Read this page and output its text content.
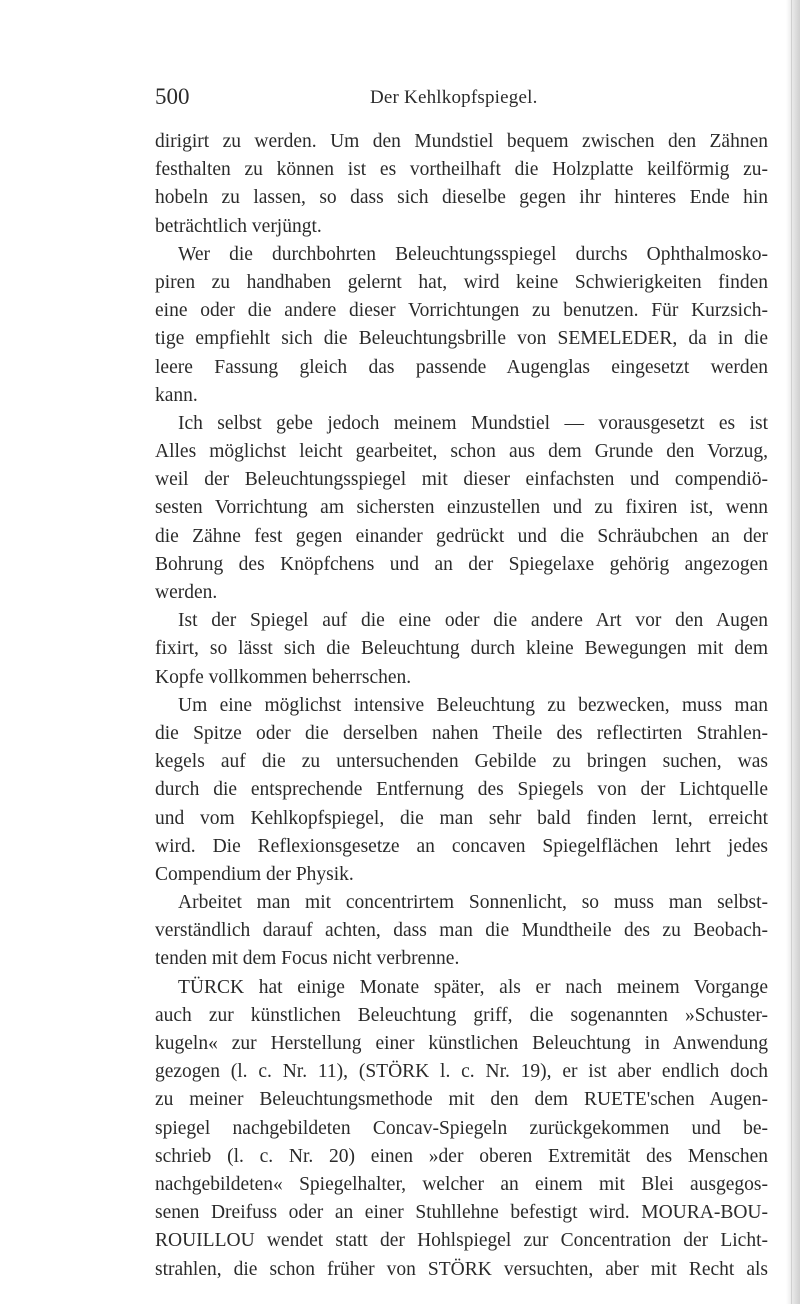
500	Der Kehlkopfspiegel.
dirigirt zu werden. Um den Mundstiel bequem zwischen den Zähnen
festhalten zu können ist es vortheilhaft die Holzplatte keilförmig zu-
hobeln zu lassen, so dass sich dieselbe gegen ihr hinteres Ende hin
beträchtlich verjüngt.
Wer die durchbohrten Beleuchtungsspiegel durchs Ophthalmosko-
piren zu handhaben gelernt hat, wird keine Schwierigkeiten finden
eine oder die andere dieser Vorrichtungen zu benutzen. Für Kurzsich-
tige empfiehlt sich die Beleuchtungsbrille von SEMELEDER, da in die
leere Fassung gleich das passende Augenglas eingesetzt werden
kann.
Ich selbst gebe jedoch meinem Mundstiel — vorausgesetzt es ist
Alles möglichst leicht gearbeitet, schon aus dem Grunde den Vorzug,
weil der Beleuchtungsspiegel mit dieser einfachsten und compendiö-
sesten Vorrichtung am sichersten einzustellen und zu fixiren ist, wenn
die Zähne fest gegen einander gedrückt und die Schräubchen an der
Bohrung des Knöpfchens und an der Spiegelaxe gehörig angezogen
werden.
Ist der Spiegel auf die eine oder die andere Art vor den Augen
fixirt, so lässt sich die Beleuchtung durch kleine Bewegungen mit dem
Kopfe vollkommen beherrschen.
Um eine möglichst intensive Beleuchtung zu bezwecken, muss man
die Spitze oder die derselben nahen Theile des reflectirten Strahlen-
kegels auf die zu untersuchenden Gebilde zu bringen suchen, was
durch die entsprechende Entfernung des Spiegels von der Lichtquelle
und vom Kehlkopfspiegel, die man sehr bald finden lernt, erreicht
wird. Die Reflexionsgesetze an concaven Spiegelflächen lehrt jedes
Compendium der Physik.
Arbeitet man mit concentrirtem Sonnenlicht, so muss man selbst-
verständlich darauf achten, dass man die Mundtheile des zu Beobach-
tenden mit dem Focus nicht verbrenne.
TÜRCK hat einige Monate später, als er nach meinem Vorgange
auch zur künstlichen Beleuchtung griff, die sogenannten »Schuster-
kugeln« zur Herstellung einer künstlichen Beleuchtung in Anwendung
gezogen (l. c. Nr. 11), (STÖRK l. c. Nr. 19), er ist aber endlich doch
zu meiner Beleuchtungsmethode mit den dem RUETE'schen Augen-
spiegel nachgebildeten Concav-Spiegeln zurückgekommen und be-
schrieb (l. c. Nr. 20) einen »der oberen Extremität des Menschen
nachgebildeten« Spiegelhalter, welcher an einem mit Blei ausgegos-
senen Dreifuss oder an einer Stuhllehne befestigt wird. MOURA-BOU-
ROUILLOU wendet statt der Hohlspiegel zur Concentration der Licht-
strahlen, die schon früher von STÖRK versuchten, aber mit Recht als
